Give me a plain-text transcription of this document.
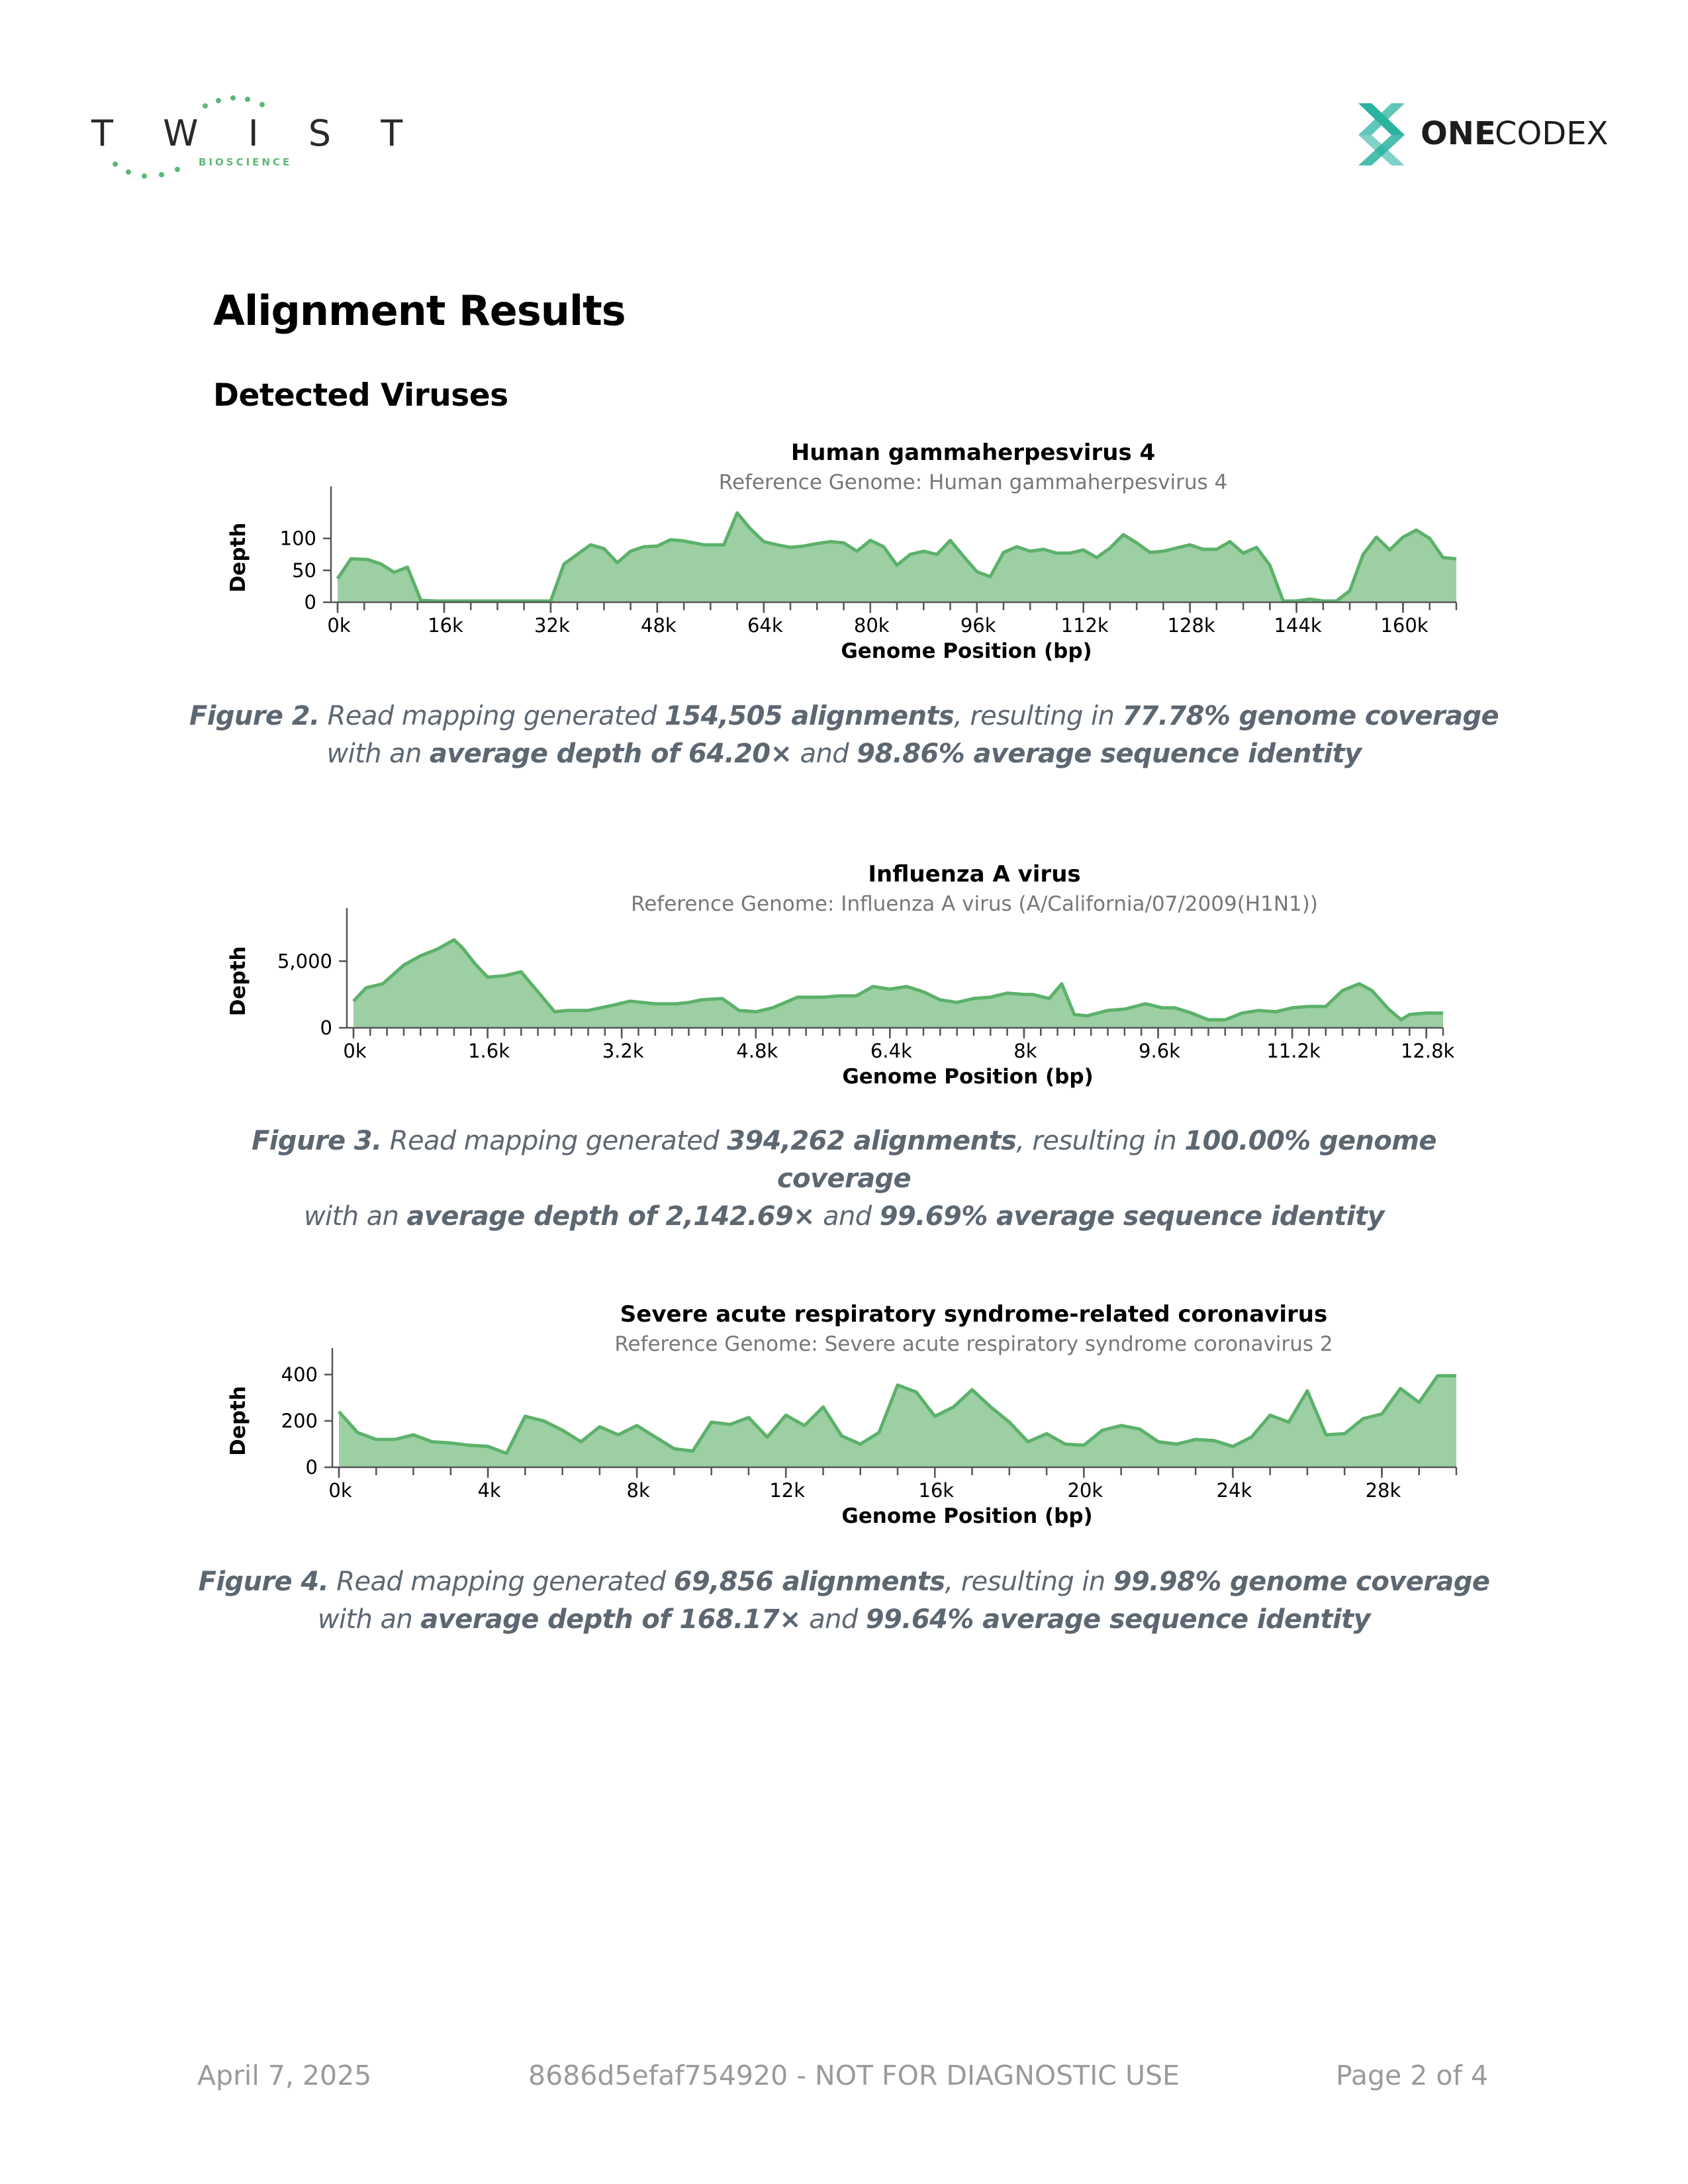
T W I S T
BIOSCIENCE
ONE
CODEX
Alignment Results
Detected Viruses
Human gammaherpesvirus 4
Reference Genome: Human gammaherpesvirus 4
0k	16k	32k	48k	64k	80k	96k	112k	128k	144k	160k
0
50
100
Genome Position (bp)
Depth
Figure 2. Read mapping generated 154,505 alignments, resulting in 77.78% genome coverage
with an average depth of 64.20× and 98.86% average sequence identity
Influenza A virus
Reference Genome: Influenza A virus (A/California/07/2009(H1N1))
0k	1.6k	3.2k	4.8k	6.4k	8k	9.6k	11.2k	12.8k
0
5,000
Genome Position (bp)
Depth
Figure 3. Read mapping generated 394,262 alignments, resulting in 100.00% genome coverage
with an average depth of 2,142.69× and 99.69% average sequence identity
Severe acute respiratory syndrome-related coronavirus
Reference Genome: Severe acute respiratory syndrome coronavirus 2
0k	4k	8k	12k	16k	20k	24k	28k
0
200
400
Genome Position (bp)
Depth
Figure 4. Read mapping generated 69,856 alignments, resulting in 99.98% genome coverage
with an average depth of 168.17× and 99.64% average sequence identity
April 7, 2025	8686d5efaf754920 - NOT FOR DIAGNOSTIC USE	Page 2 of 4
